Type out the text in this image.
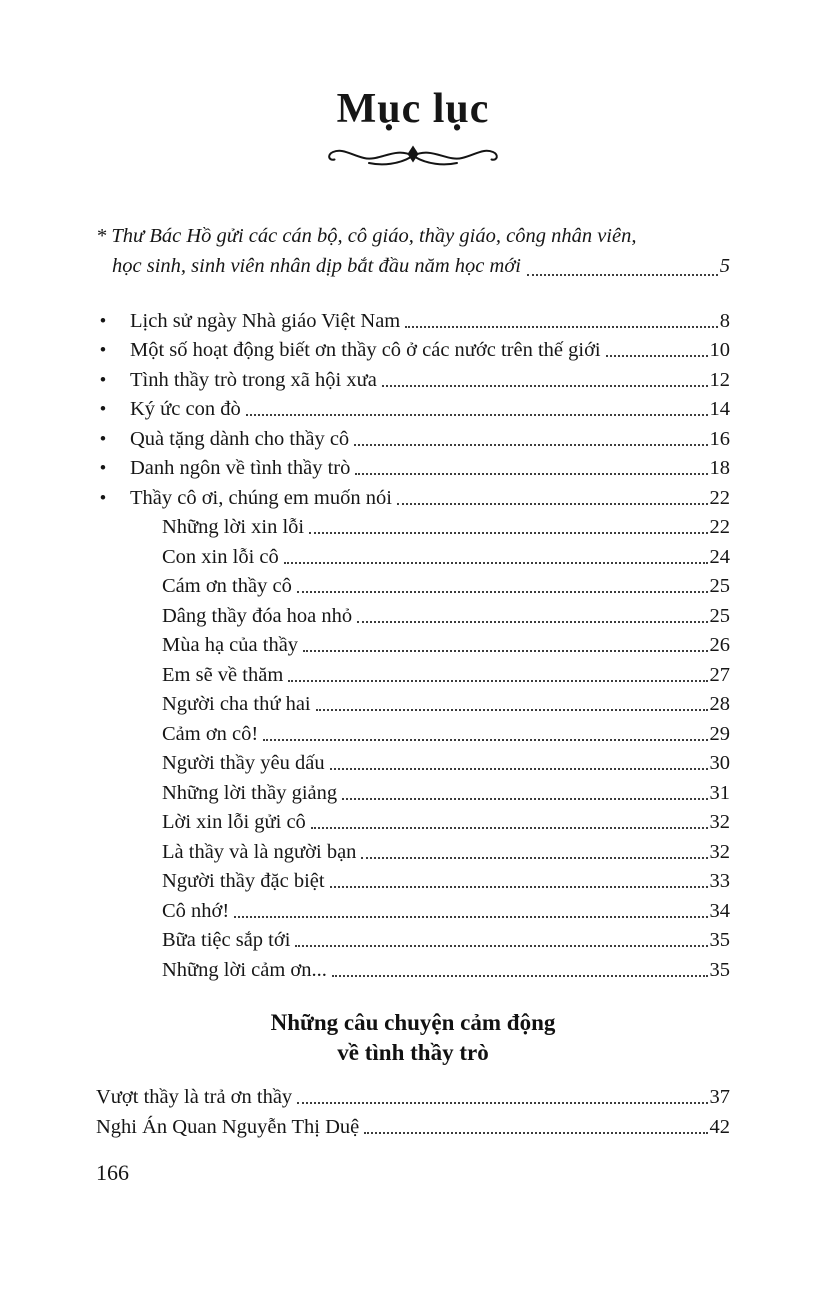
Mục lục
* Thư Bác Hồ gửi các cán bộ, cô giáo, thầy giáo, công nhân viên,
học sinh, sinh viên nhân dịp bắt đầu năm học mới	5
• Lịch sử ngày Nhà giáo Việt Nam	8
• Một số hoạt động biết ơn thầy cô ở các nước trên thế giới	10
• Tình thầy trò trong xã hội xưa	12
• Ký ức con đò	14
• Quà tặng dành cho thầy cô	16
• Danh ngôn về tình thầy trò	18
• Thầy cô ơi, chúng em muốn nói	22
Những lời xin lỗi	22
Con xin lỗi cô	24
Cám ơn thầy cô	25
Dâng thầy đóa hoa nhỏ	25
Mùa hạ của thầy	26
Em sẽ về thăm	27
Người cha thứ hai	28
Cảm ơn cô!	29
Người thầy yêu dấu	30
Những lời thầy giảng	31
Lời xin lỗi gửi cô	32
Là thầy và là người bạn	32
Người thầy đặc biệt	33
Cô nhớ!	34
Bữa tiệc sắp tới	35
Những lời cảm ơn...	35
Những câu chuyện cảm động
về tình thầy trò
Vượt thầy là trả ơn thầy	37
Nghi Án Quan Nguyễn Thị Duệ	42
166
